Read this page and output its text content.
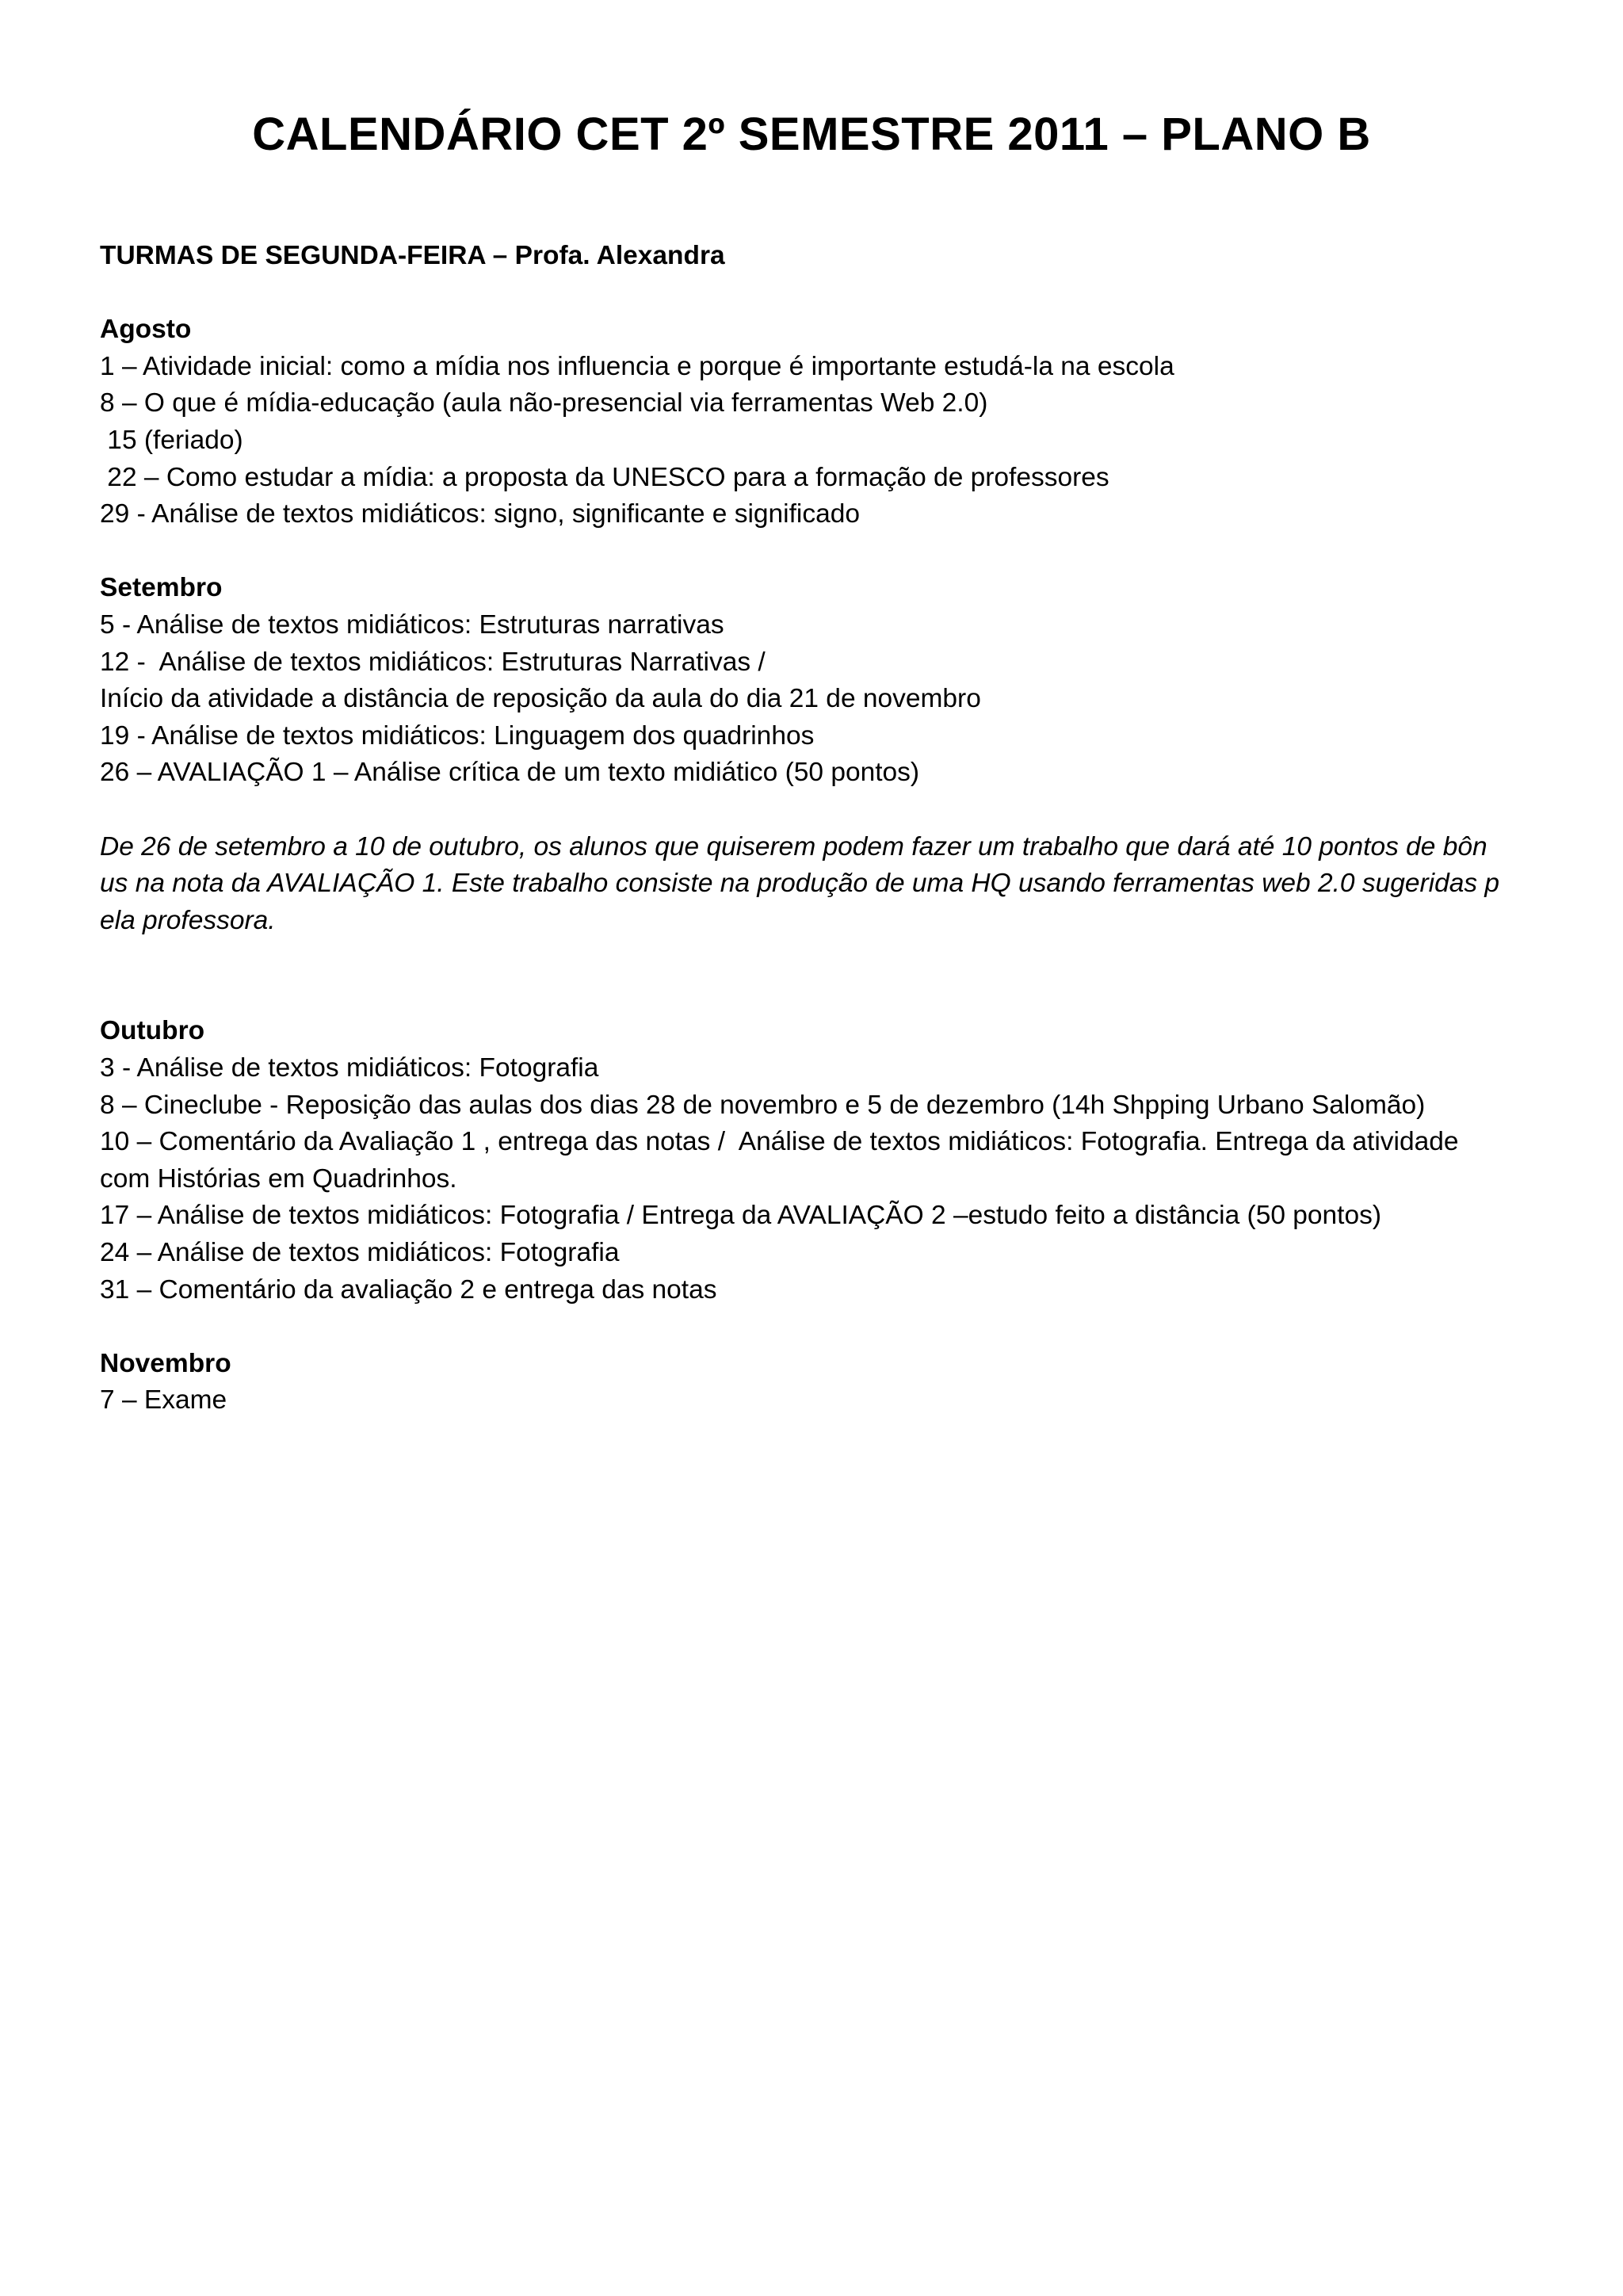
CALENDÁRIO CET 2º SEMESTRE 2011 – PLANO B
TURMAS DE SEGUNDA-FEIRA – Profa. Alexandra
Agosto
1 – Atividade inicial: como a mídia nos influencia e porque é importante estudá-la na escola
8 – O que é mídia-educação (aula não-presencial via ferramentas Web 2.0)
15 (feriado)
22 – Como estudar a mídia: a proposta da UNESCO para a formação de professores
29 - Análise de textos midiáticos: signo, significante e significado
Setembro
5 - Análise de textos midiáticos: Estruturas narrativas
12 -  Análise de textos midiáticos: Estruturas Narrativas /
Início da atividade a distância de reposição da aula do dia 21 de novembro
19 - Análise de textos midiáticos: Linguagem dos quadrinhos
26 – AVALIAÇÃO 1 – Análise crítica de um texto midiático (50 pontos)
De 26 de setembro a 10 de outubro, os alunos que quiserem podem fazer um trabalho que dará até 10 pontos de bôn
us na nota da AVALIAÇÃO 1. Este trabalho consiste na produção de uma HQ usando ferramentas web 2.0 sugeridas p
ela professora.
Outubro
3 - Análise de textos midiáticos: Fotografia
8 – Cineclube - Reposição das aulas dos dias 28 de novembro e 5 de dezembro (14h Shpping Urbano Salomão)
10 – Comentário da Avaliação 1 , entrega das notas /  Análise de textos midiáticos: Fotografia. Entrega da atividade
com Histórias em Quadrinhos.
17 – Análise de textos midiáticos: Fotografia / Entrega da AVALIAÇÃO 2 –estudo feito a distância (50 pontos)
24 – Análise de textos midiáticos: Fotografia
31 – Comentário da avaliação 2 e entrega das notas
Novembro
7 – Exame
